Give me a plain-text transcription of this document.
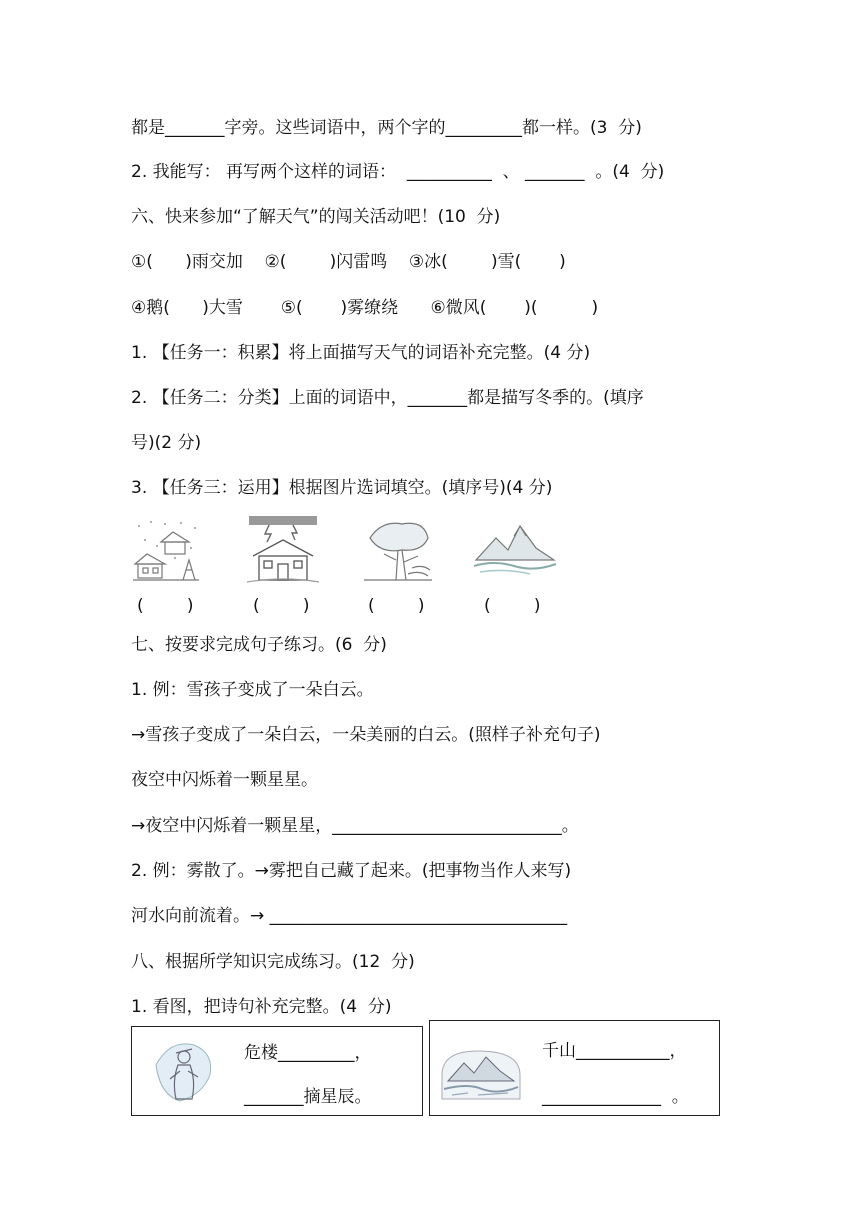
都是_______字旁。这些词语中，两个字的_________都一样。(3  分)
2. 我能写： 再写两个这样的词语：  __________  、 _______  。(4  分)
六、快来参加“了解天气”的闯关活动吧！(10  分)
①(      )雨交加    ②(        )闪雷鸣    ③冰(        )雪(       )
④鹅(      )大雪       ⑤(       )雾缭绕      ⑥微风(       )(          )
1. 【任务一：积累】将上面描写天气的词语补充完整。(4 分)
2. 【任务二：分类】上面的词语中，_______都是描写冬季的。(填序
号)(2 分)
3. 【任务三：运用】根据图片选词填空。(填序号)(4 分)
(        )	(        )	(        )	(        )
七、按要求完成句子练习。(6  分)
1. 例：雪孩子变成了一朵白云。
→雪孩子变成了一朵白云，一朵美丽的白云。(照样子补充句子)
夜空中闪烁着一颗星星。
→夜空中闪烁着一颗星星，___________________________。
2. 例：雾散了。→雾把自己藏了起来。(把事物当作人来写)
河水向前流着。→ ___________________________________
八、根据所学知识完成练习。(12  分)
1. 看图，把诗句补充完整。(4  分)
危楼_________，
_______摘星辰。
千山___________，
______________  。
